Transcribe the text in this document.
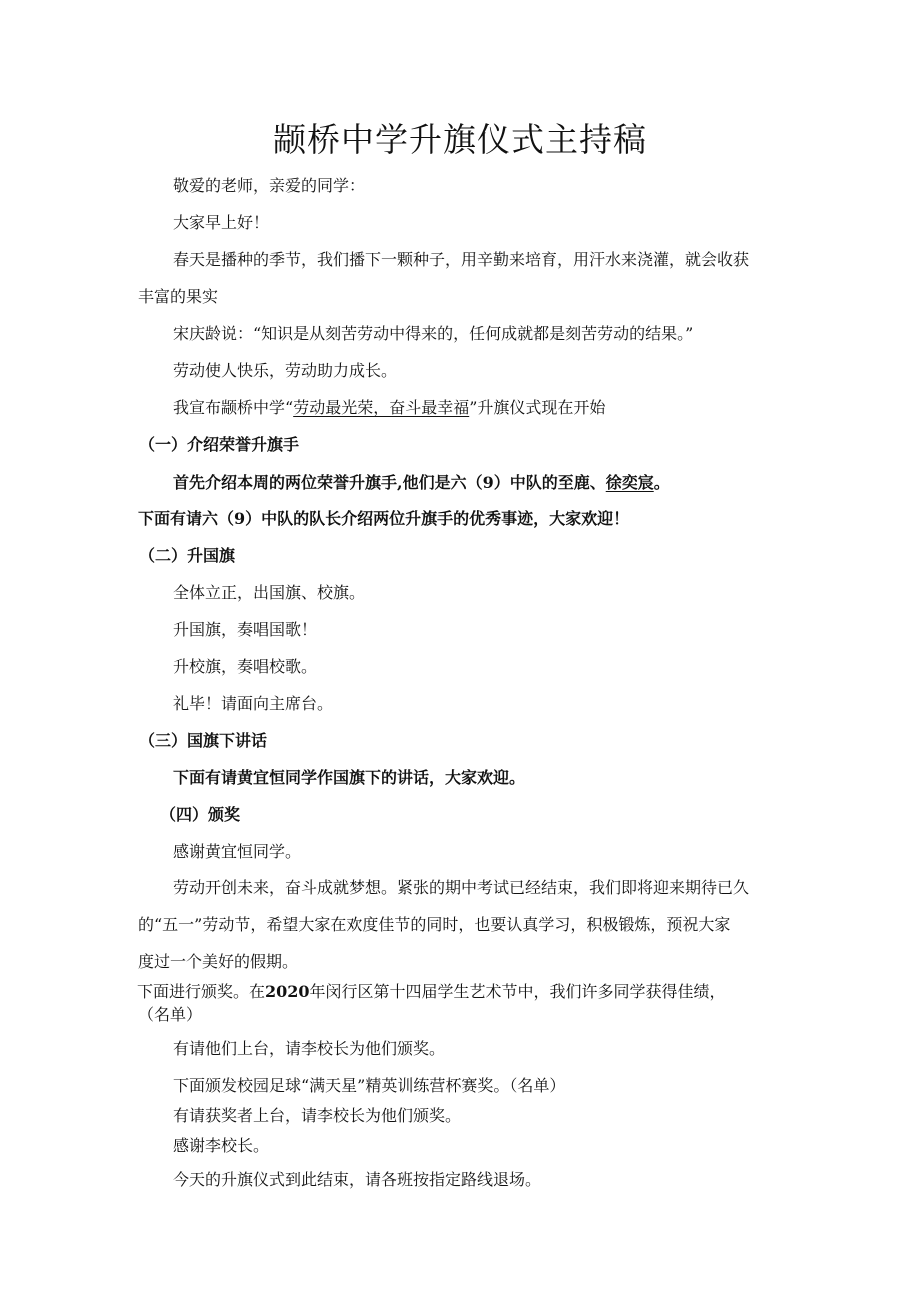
颛桥中学升旗仪式主持稿
敬爱的老师，亲爱的同学：
大家早上好！
春天是播种的季节，我们播下一颗种子，用辛勤来培育，用汗水来浇灌，就会收获
丰富的果实
宋庆龄说：“知识是从刻苦劳动中得来的，任何成就都是刻苦劳动的结果。”
劳动使人快乐，劳动助力成长。
我宣布颛桥中学“劳动最光荣，奋斗最幸福”升旗仪式现在开始
（一）介绍荣誉升旗手
首先介绍本周的两位荣誉升旗手,他们是六（9）中队的至鹿、徐奕宸。
下面有请六（9）中队的队长介绍两位升旗手的优秀事迹，大家欢迎！
（二）升国旗
全体立正，出国旗、校旗。
升国旗，奏唱国歌！
升校旗，奏唱校歌。
礼毕！请面向主席台。
（三）国旗下讲话
下面有请黄宜恒同学作国旗下的讲话，大家欢迎。
（四）颁奖
感谢黄宜恒同学。
劳动开创未来，奋斗成就梦想。紧张的期中考试已经结束，我们即将迎来期待已久
的“五一”劳动节，希望大家在欢度佳节的同时，也要认真学习，积极锻炼，预祝大家
度过一个美好的假期。
下面进行颁奖。在2020年闵行区第十四届学生艺术节中，我们许多同学获得佳绩，
（名单）
有请他们上台，请李校长为他们颁奖。
下面颁发校园足球“满天星”精英训练营杯赛奖。（名单）
有请获奖者上台，请李校长为他们颁奖。
感谢李校长。
今天的升旗仪式到此结束，请各班按指定路线退场。
